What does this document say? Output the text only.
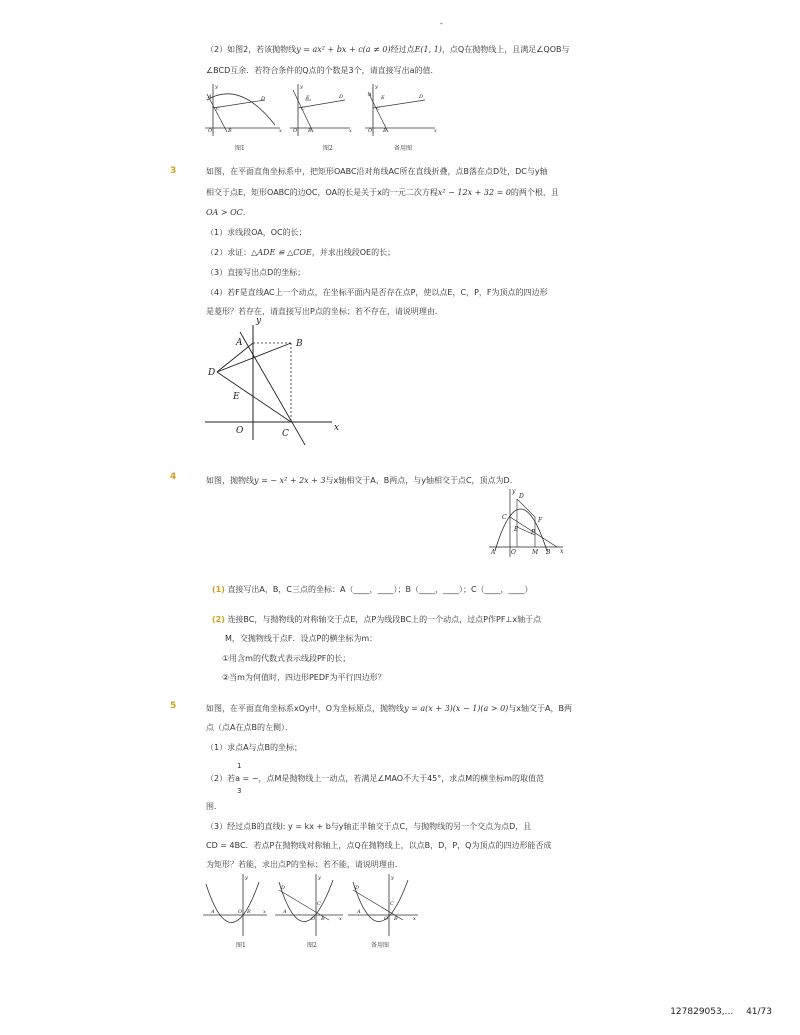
-
（2）如图2，若该抛物线y = ax² + bx + c(a ≠ 0)经过点E(1, 1)，点Q在抛物线上，且满足∠QOB与
∠BCD互余．若符合条件的Q点的个数是3个，请直接写出a的值．
y
A	D
C
O	B	x
y
E	D
C
O B	x
y
A E	D
C
O B	x
图1	图2	备用图
3	如图，在平面直角坐标系中，把矩形OABC沿对角线AC所在直线折叠，点B落在点D处，DC与y轴
相交于点E，矩形OABC的边OC，OA的长是关于x的一元二次方程x² − 12x + 32 = 0的两个根，且
OA > OC．
（1）求线段OA，OC的长；
（2）求证：△ADE ≌ △COE，并求出线段OE的长；
（3）直接写出点D的坐标；
（4）若F是直线AC上一个动点，在坐标平面内是否存在点P，使以点E，C，P，F为顶点的四边形
是菱形？若存在，请直接写出P点的坐标；若不存在，请说明理由．
y
x
A	B
D
E
O	C
4	如图，抛物线y = − x² + 2x + 3与x轴相交于A、B两点，与y轴相交于点C，顶点为D．
y
x
D
C	F
E P
A	O	M B
(1) 直接写出A，B，C三点的坐标：A（____，____）；B（____，____）；C（____，____）
(2) 连接BC，与抛物线的对称轴交于点E，点P为线段BC上的一个动点，过点P作PF⊥x轴于点
M，交抛物线于点F．设点P的横坐标为m：
①用含m的代数式表示线段PF的长；
②当m为何值时，四边形PEDF为平行四边形？
5	如图，在平面直角坐标系xOy中，O为坐标原点，抛物线y = a(x + 3)(x − 1)(a > 0)与x轴交于A，B两
点（点A在点B的左侧）．
（1）求点A与点B的坐标；
1
（2）若a = −，点M是抛物线上一动点，若满足∠MAO不大于45°，求点M的横坐标m的取值范
3
围．
（3）经过点B的直线l: y = kx + b与y轴正半轴交于点C，与抛物线的另一个交点为点D，且
CD = 4BC．若点P在抛物线对称轴上，点Q在抛物线上，以点B，D，P，Q为顶点的四边形能否成
为矩形？若能，求出点P的坐标；若不能，请说明理由．
y
A	O B x
y
D
C
A
O B	x
y
D
C
A
O B	x
图1	图2	备用图
127829053,... 41/73
